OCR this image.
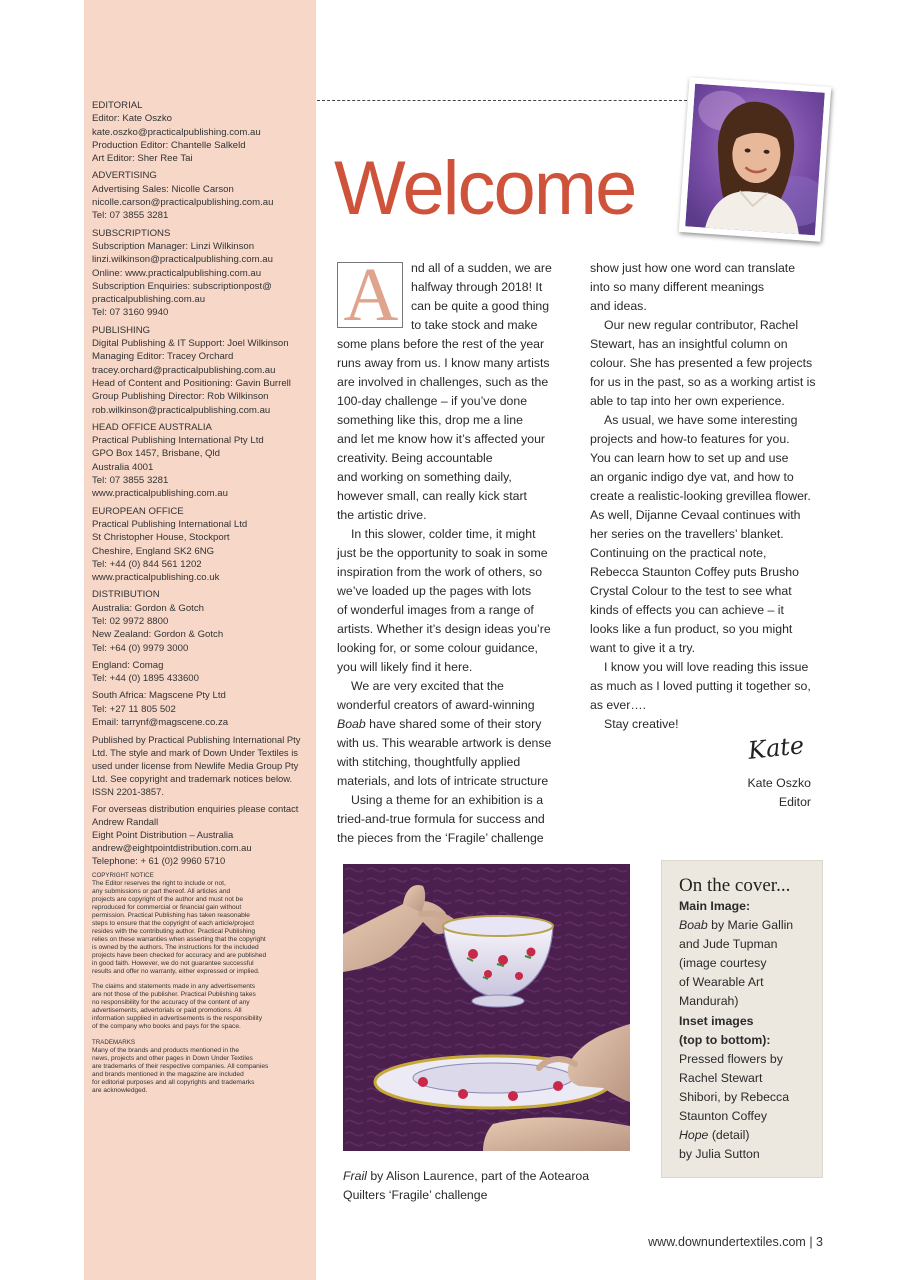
EDITORIAL
Editor: Kate Oszko
kate.oszko@practicalpublishing.com.au
Production Editor: Chantelle Salkeld
Art Editor: Sher Ree Tai
ADVERTISING
Advertising Sales: Nicolle Carson
nicolle.carson@practicalpublishing.com.au
Tel: 07 3855 3281
SUBSCRIPTIONS
Subscription Manager: Linzi Wilkinson
linzi.wilkinson@practicalpublishing.com.au
Online: www.practicalpublishing.com.au
Subscription Enquiries: subscriptionpost@
practicalpublishing.com.au
Tel: 07 3160 9940
PUBLISHING
Digital Publishing & IT Support: Joel Wilkinson
Managing Editor: Tracey Orchard
tracey.orchard@practicalpublishing.com.au
Head of Content and Positioning: Gavin Burrell
Group Publishing Director: Rob Wilkinson
rob.wilkinson@practicalpublishing.com.au
HEAD OFFICE AUSTRALIA
Practical Publishing International Pty Ltd
GPO Box 1457, Brisbane, Qld
Australia 4001
Tel: 07 3855 3281
www.practicalpublishing.com.au
EUROPEAN OFFICE
Practical Publishing International Ltd
St Christopher House, Stockport
Cheshire, England SK2 6NG
Tel: +44 (0) 844 561 1202
www.practicalpublishing.co.uk
DISTRIBUTION
Australia: Gordon & Gotch
Tel: 02 9972 8800
New Zealand: Gordon & Gotch
Tel: +64 (0) 9979 3000
England: Comag
Tel: +44 (0) 1895 433600
South Africa: Magscene Pty Ltd
Tel: +27 11 805 502
Email: tarrynf@magscene.co.za
Published by Practical Publishing International Pty
Ltd. The style and mark of Down Under Textiles is
used under license from Newlife Media Group Pty
Ltd. See copyright and trademark notices below.
ISSN 2201-3857.
For overseas distribution enquiries please contact
Andrew Randall
Eight Point Distribution – Australia
andrew@eightpointdistribution.com.au
Telephone: + 61 (0)2 9960 5710
COPYRIGHT NOTICE
The Editor reserves the right to include or not,
any submissions or part thereof. All articles and
projects are copyright of the author and must not be
reproduced for commercial or financial gain without
permission. Practical Publishing has taken reasonable
steps to ensure that the copyright of each article/project
resides with the contributing author. Practical Publishing
relies on these warranties when asserting that the copyright
is owned by the authors. The instructions for the included
projects have been checked for accuracy and are published
in good faith. However, we do not guarantee successful
results and offer no warranty, either expressed or implied.
The claims and statements made in any advertisements
are not those of the publisher. Practical Publishing takes
no responsibility for the accuracy of the content of any
advertisements, advertorials or paid promotions. All
information supplied in advertisements is the responsibility
of the company who books and pays for the space.
TRADEMARKS
Many of the brands and products mentioned in the
news, projects and other pages in Down Under Textiles
are trademarks of their respective companies. All companies
and brands mentioned in the magazine are included
for editorial purposes and all copyrights and trademarks
are acknowledged.
Welcome
A	nd all of a sudden, we are
halfway through 2018! It
can be quite a good thing
to take stock and make
some plans before the rest of the year
runs away from us. I know many artists
are involved in challenges, such as the
100-day challenge – if you’ve done
something like this, drop me a line
and let me know how it’s affected your
creativity. Being accountable
and working on something daily,
however small, can really kick start
the artistic drive.

In this slower, colder time, it might
just be the opportunity to soak in some
inspiration from the work of others, so
we’ve loaded up the pages with lots
of wonderful images from a range of
artists. Whether it’s design ideas you’re
looking for, or some colour guidance,
you will likely find it here.

We are very excited that the
wonderful creators of award-winning
Boab have shared some of their story
with us. This wearable artwork is dense
with stitching, thoughtfully applied
materials, and lots of intricate structure

Using a theme for an exhibition is a
tried-and-true formula for success and
the pieces from the ‘Fragile’ challenge

show just how one word can translate
into so many different meanings
and ideas.

Our new regular contributor, Rachel
Stewart, has an insightful column on
colour. She has presented a few projects
for us in the past, so as a working artist is
able to tap into her own experience.

As usual, we have some interesting
projects and how-to features for you.
You can learn how to set up and use
an organic indigo dye vat, and how to
create a realistic-looking grevillea flower.
As well, Dijanne Cevaal continues with
her series on the travellers’ blanket.
Continuing on the practical note,
Rebecca Staunton Coffey puts Brusho
Crystal Colour to the test to see what
kinds of effects you can achieve – it
looks like a fun product, so you might
want to give it a try.

I know you will love reading this issue
as much as I loved putting it together so,
as ever….

Stay creative!

Kate
Kate Oszko
Editor
Frail by Alison Laurence, part of the Aotearoa
Quilters ‘Fragile’ challenge
On the cover...
Main Image:
Boab by Marie Gallin
and Jude Tupman
(image courtesy
of Wearable Art
Mandurah)
Inset images
(top to bottom):
Pressed flowers by
Rachel Stewart
Shibori, by Rebecca
Staunton Coffey
Hope (detail)
by Julia Sutton
www.downundertextiles.com | 3
